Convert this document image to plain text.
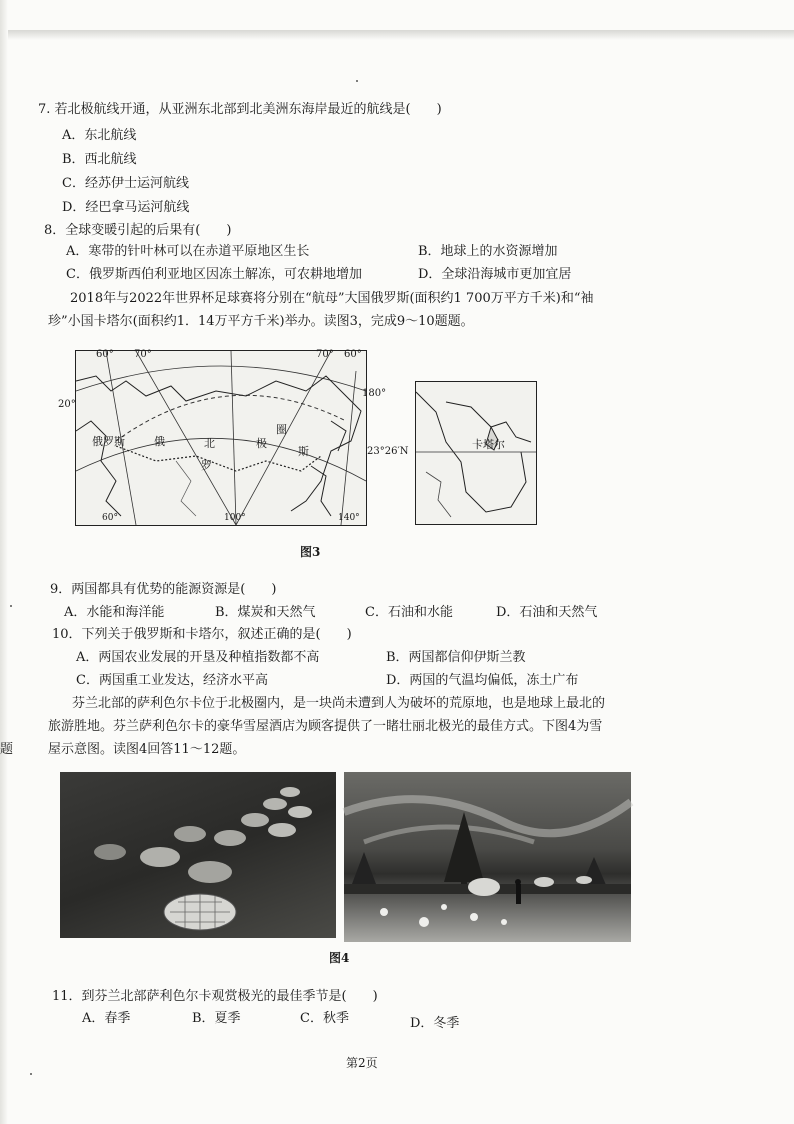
7. 若北极航线开通，从亚洲东北部到北美洲东海岸最近的航线是(　　)
A．东北航线
B．西北航线
C．经苏伊士运河航线
D．经巴拿马运河航线
8．全球变暖引起的后果有(　　)
A．寒带的针叶林可以在赤道平原地区生长	B．地球上的水资源增加
C．俄罗斯西伯利亚地区因冻土解冻，可农耕地增加	D．全球沿海城市更加宜居
2018年与2022年世界杯足球赛将分别在“航母”大国俄罗斯(面积约1 700万平方千米)和“袖
珍”小国卡塔尔(面积约1．14万平方千米)举办。读图3，完成9～10题题。
60° 70°	70° 60°
20°
俄罗斯	俄	北	极
圈
罗
斯
60°	100°	140°
180°
卡塔尔
23°26′N
图3
9．两国都具有优势的能源资源是(　　)
A．水能和海洋能	B．煤炭和天然气	C．石油和水能	D．石油和天然气
10．下列关于俄罗斯和卡塔尔，叙述正确的是(　　)
A．两国农业发展的开垦及种植指数都不高	B．两国都信仰伊斯兰教
C．两国重工业发达，经济水平高	D．两国的气温均偏低，冻土广布
芬兰北部的萨利色尔卡位于北极圈内，是一块尚未遭到人为破坏的荒原地，也是地球上最北的
旅游胜地。芬兰萨利色尔卡的豪华雪屋酒店为顾客提供了一睹壮丽北极光的最佳方式。下图4为雪
屋示意图。读图4回答11～12题。
题
图4
11．到芬兰北部萨利色尔卡观赏极光的最佳季节是(　　)
A．春季	B．夏季	C．秋季	D．冬季
第2页
